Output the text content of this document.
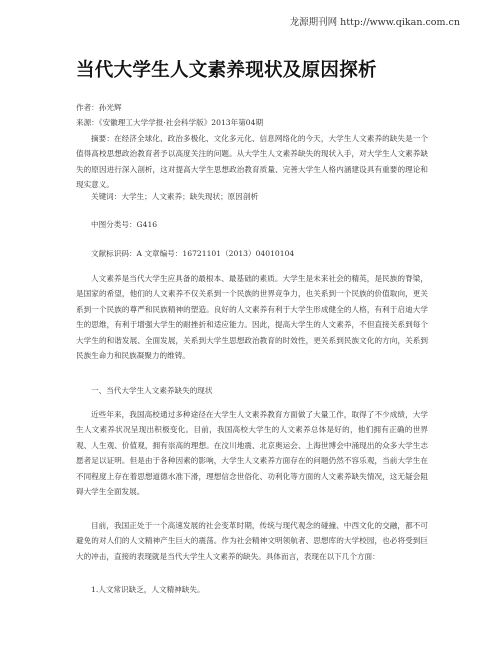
龙源期刊网 http://www.qikan.com.cn
当代大学生人文素养现状及原因探析
作者：孙光辉
来源：《安徽理工大学学报·社会科学版》2013年第04期

摘要：在经济全球化、政治多极化、文化多元化、信息网络化的今天，大学生人文素养的缺失是一个值得高校思想政治教育者予以高度关注的问题。从大学生人文素养缺失的现状入手，对大学生人文素养缺失的原因进行深入剖析，这对提高大学生思想政治教育质量、完善大学生人格内涵建设具有重要的理论和现实意义。

关键词：大学生；人文素养；缺失现状；原因剖析
中图分类号：G416
文献标识码：A 文章编号：16721101（2013）04010104

人文素养是当代大学生应具备的最根本、最基础的素质。大学生是未来社会的精英，是民族的脊梁，是国家的希望，他们的人文素养不仅关系到一个民族的世界竞争力，也关系到一个民族的价值取向，更关系到一个民族的尊严和民族精神的塑造。良好的人文素养有利于大学生形成健全的人格，有利于启迪大学生的思维，有利于增强大学生的耐挫折和适应能力。因此，提高大学生的人文素养，不但直接关系到每个大学生的和谐发展、全面发展，关系到大学生思想政治教育的时效性，更关系到民族文化的方向，关系到民族生命力和民族凝聚力的维铸。

一、当代大学生人文素养缺失的现状

近些年来，我国高校通过多种途径在大学生人文素养教育方面做了大量工作，取得了不少成绩，大学生人文素养状况呈现出积极变化。目前，我国高校大学生的人文素养总体是好的，他们拥有正确的世界观、人生观、价值观，拥有崇高的理想。在汶川地震、北京奥运会、上海世博会中涌现出的众多大学生志愿者足以证明。但是由于各种因素的影响，大学生人文素养方面存在的问题仍然不容乐观，当前大学生在不同程度上存在着思想道德水准下滑，理想信念世俗化、功利化等方面的人文素养缺失情况，这无疑会阻碍大学生全面发展。

目前，我国正处于一个高速发展的社会变革时期，传统与现代观念的碰撞、中西文化的交融，都不可避免的对人们的人文精神产生巨大的震荡。作为社会精神文明领航者、思想库的大学校园，也必将受到巨大的冲击，直接的表现就是当代大学生人文素养的缺失。具体而言，表现在以下几个方面：

1.人文常识缺乏，人文精神缺失。
